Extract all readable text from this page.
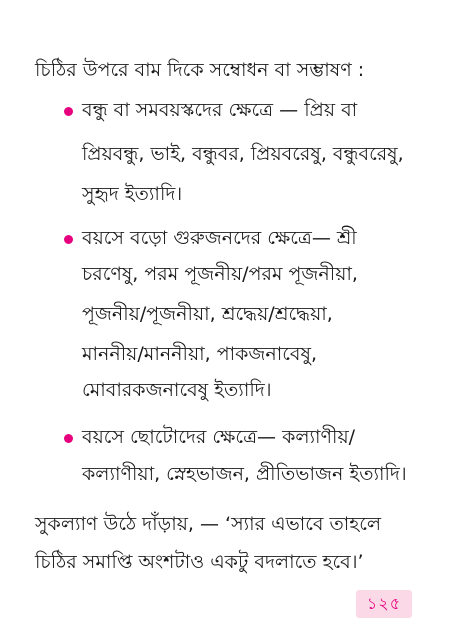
চিঠির উপরে বাম দিকে সম্বোধন বা সম্ভাষণ :
বন্ধু বা সমবয়স্কদের ক্ষেত্রে — প্রিয় বা
প্রিয়বন্ধু, ভাই, বন্ধুবর, প্রিয়বরেষু, বন্ধুবরেষু,
সুহৃদ ইত্যাদি।
বয়সে বড়ো গুরুজনদের ক্ষেত্রে— শ্রী
চরণেষু, পরম পূজনীয়/পরম পূজনীয়া,
পূজনীয়/পূজনীয়া, শ্রদ্ধেয়/শ্রদ্ধেয়া,
মাননীয়/মাননীয়া, পাকজনাবেষু,
মোবারকজনাবেষু ইত্যাদি।
বয়সে ছোটোদের ক্ষেত্রে— কল্যাণীয়/
কল্যাণীয়া, স্নেহভাজন, প্রীতিভাজন ইত্যাদি।
সুকল্যাণ উঠে দাঁড়ায়, — ‘স্যার এভাবে তাহলে
চিঠির সমাপ্তি অংশটাও একটু বদলাতে হবে।’
১২৫
